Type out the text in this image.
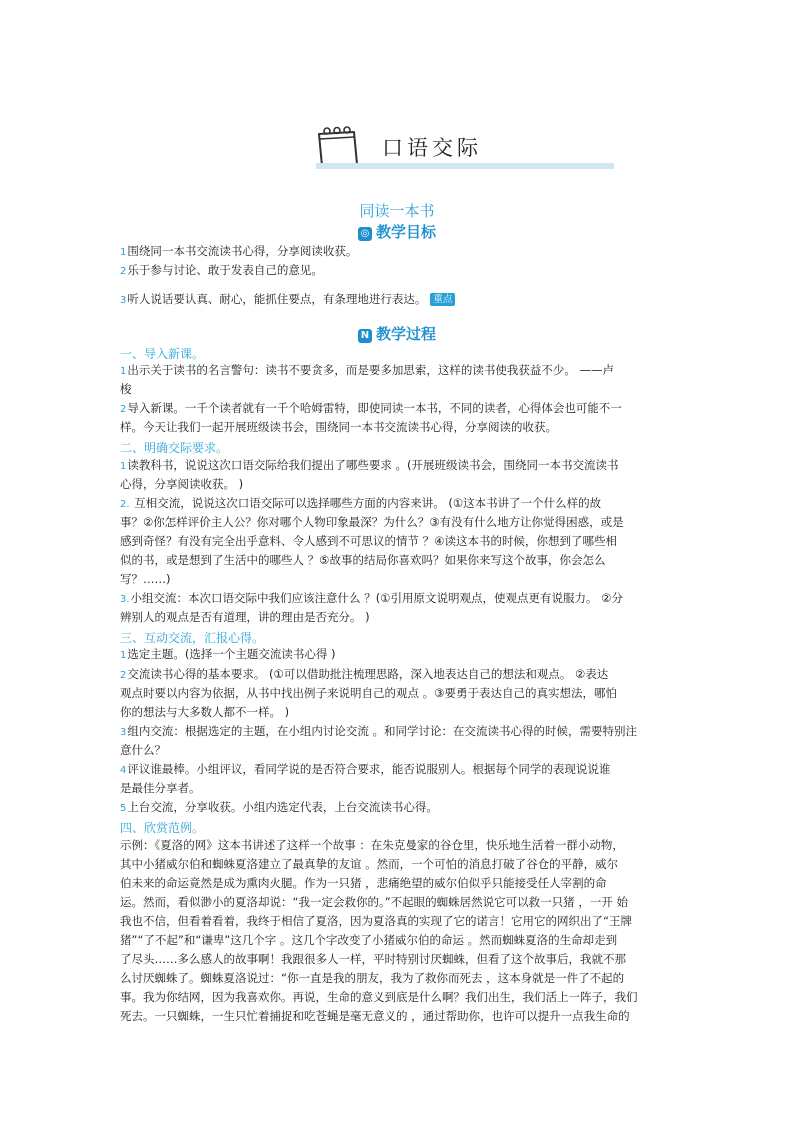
口语交际
同读一本书
◎ 教学目标
1围绕同一本书交流读书心得，分享阅读收获。
2乐于参与讨论、敢于发表自己的意见。
3听人说话要认真、耐心，能抓住要点，有条理地进行表达。 重点
N 教学过程
一、导入新课。
1出示关于读书的名言警句：读书不要贪多，而是要多加思索，这样的读书使我获益不少。 ——卢
梭
2导入新课。一千个读者就有一千个哈姆雷特，即使同读一本书，不同的读者，心得体会也可能不一
样。今天让我们一起开展班级读书会，围绕同一本书交流读书心得，分享阅读的收获。
二、明确交际要求。
1读教科书，说说这次口语交际给我们提出了哪些要求 。(开展班级读书会，围绕同一本书交流读书
心得，分享阅读收获。 )
2. 互相交流，说说这次口语交际可以选择哪些方面的内容来讲。 (①这本书讲了一个什么样的故
事？②你怎样评价主人公？你对哪个人物印象最深？为什么？③有没有什么地方让你觉得困惑，或是
感到奇怪？有没有完全出乎意料、令人感到不可思议的情节 ？④读这本书的时候，你想到了哪些相
似的书，或是想到了生活中的哪些人 ？⑤故事的结局你喜欢吗？如果你来写这个故事，你会怎么
写？……)
3.小组交流：本次口语交际中我们应该注意什么 ？(①引用原文说明观点，使观点更有说服力。 ②分
辨别人的观点是否有道理，讲的理由是否充分。 )
三、互动交流，汇报心得。
1选定主题。(选择一个主题交流读书心得 )
2交流读书心得的基本要求。 (①可以借助批注梳理思路，深入地表达自己的想法和观点。 ②表达
观点时要以内容为依据，从书中找出例子来说明自己的观点 。③要勇于表达自己的真实想法，哪怕
你的想法与大多数人都不一样。 )
3组内交流：根据选定的主题，在小组内讨论交流 。和同学讨论：在交流读书心得的时候，需要特别注
意什么？
4评议谁最棒。小组评议，看同学说的是否符合要求，能否说服别人。根据每个同学的表现说说谁
是最佳分享者。
5上台交流，分享收获。小组内选定代表，上台交流读书心得。
四、欣赏范例。
示例：《夏洛的网》这本书讲述了这样一个故事 ：在朱克曼家的谷仓里，快乐地生活着一群小动物，
其中小猪威尔伯和蜘蛛夏洛建立了最真挚的友谊 。然而，一个可怕的消息打破了谷仓的平静，威尔
伯未来的命运竟然是成为熏肉火腿。作为一只猪 ，悲痛绝望的威尔伯似乎只能接受任人宰割的命
运。然而，看似渺小的夏洛却说：“我一定会救你的。”不起眼的蜘蛛居然说它可以救一只猪 ，一开 始
我也不信，但看着看着，我终于相信了夏洛，因为夏洛真的实现了它的诺言！它用它的网织出了“王牌
猪”“了不起”和“谦卑”这几个字 。这几个字改变了小猪威尔伯的命运 。然而蜘蛛夏洛的生命却走到
了尽头……多么感人的故事啊！我跟很多人一样，平时特别讨厌蜘蛛，但看了这个故事后，我就不那
么讨厌蜘蛛了。蜘蛛夏洛说过：“你一直是我的朋友，我为了救你而死去 ，这本身就是一件了不起的
事。我为你结网，因为我喜欢你。再说，生命的意义到底是什么啊？我们出生，我们活上一阵子，我们
死去。一只蜘蛛，一生只忙着捕捉和吃苍蝇是毫无意义的 ，通过帮助你，也许可以提升一点我生命的
